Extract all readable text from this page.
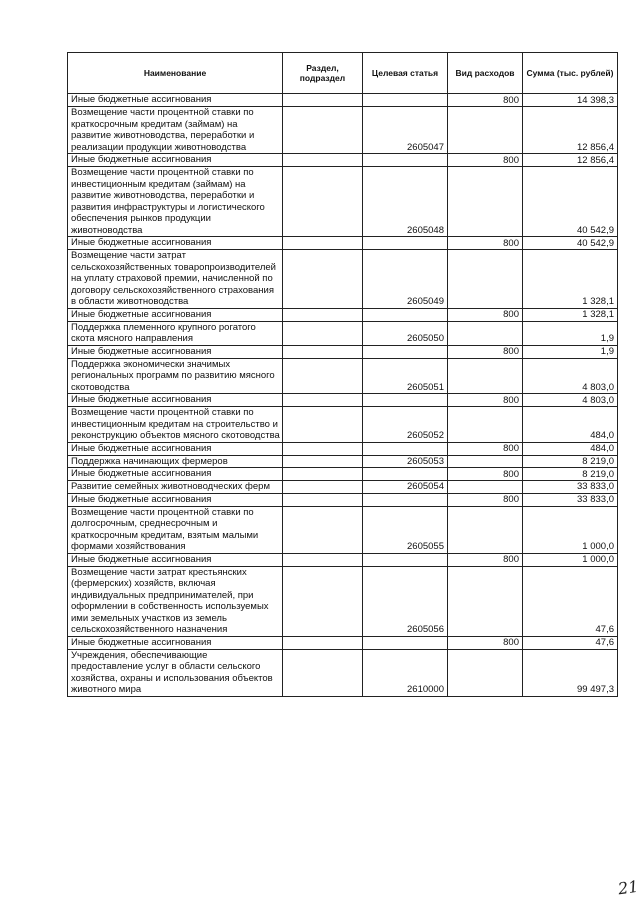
Наименование	Раздел, подраздел	Целевая статья	Вид расходов	Сумма (тыс. рублей)
Иные бюджетные ассигнования			800	14 398,3
Возмещение части процентной ставки по краткосрочным кредитам (займам) на развитие животноводства, переработки и реализации продукции животноводства		2605047		12 856,4
Иные бюджетные ассигнования			800	12 856,4
Возмещение части процентной ставки по инвестиционным кредитам (займам) на развитие животноводства, переработки и развития инфраструктуры и логистического обеспечения рынков продукции животноводства		2605048		40 542,9
Иные бюджетные ассигнования			800	40 542,9
Возмещение части затрат сельскохозяйственных товаропроизводителей на уплату страховой премии, начисленной по договору сельскохозяйственного страхования в области животноводства		2605049		1 328,1
Иные бюджетные ассигнования			800	1 328,1
Поддержка племенного крупного рогатого скота мясного направления		2605050		1,9
Иные бюджетные ассигнования			800	1,9
Поддержка экономически значимых региональных программ по развитию мясного скотоводства		2605051		4 803,0
Иные бюджетные ассигнования			800	4 803,0
Возмещение части процентной ставки по инвестиционным кредитам на строительство и реконструкцию объектов мясного скотоводства		2605052		484,0
Иные бюджетные ассигнования			800	484,0
Поддержка начинающих фермеров		2605053		8 219,0
Иные бюджетные ассигнования			800	8 219,0
Развитие семейных животноводческих ферм		2605054		33 833,0
Иные бюджетные ассигнования			800	33 833,0
Возмещение части процентной ставки по долгосрочным, среднесрочным и краткосрочным кредитам, взятым малыми формами хозяйствования		2605055		1 000,0
Иные бюджетные ассигнования			800	1 000,0
Возмещение части затрат крестьянских (фермерских) хозяйств, включая индивидуальных предпринимателей, при оформлении в собственность используемых ими земельных участков из земель сельскохозяйственного назначения		2605056		47,6
Иные бюджетные ассигнования			800	47,6
Учреждения, обеспечивающие предоставление услуг в области сельского хозяйства, охраны и использования объектов животного мира		2610000		99 497,3
21
